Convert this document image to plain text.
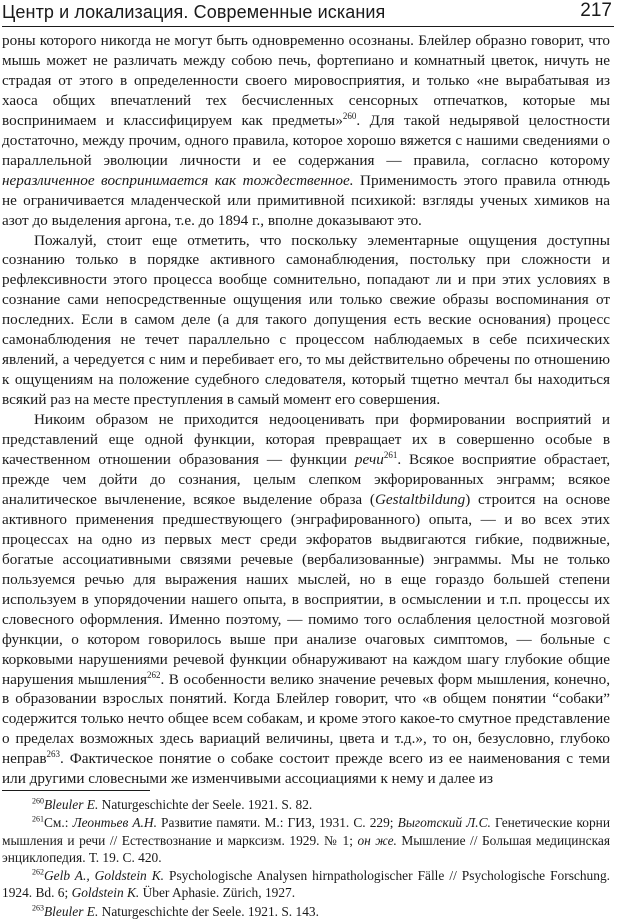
Центр и локализация. Современные искания	217

роны которого никогда не могут быть одновременно осознаны. Блейлер образно говорит, что мышь может не различать между собою печь, фортепиано и комнатный цветок, ничуть не страдая от этого в определенности своего мировосприятия, и только «не вырабатывая из хаоса общих впечатлений тех бесчисленных сенсорных отпечатков, которые мы воспринимаем и классифицируем как предметы»$^{260}$. Для такой недырявой целостности достаточно, между прочим, одного правила, которое хорошо вяжется с нашими сведениями о параллельной эволюции личности и ее содержания — правила, согласно которому неразличенное воспринимается как тождественное. Применимость этого правила отнюдь не ограничивается младенческой или примитивной психикой: взгляды ученых химиков на азот до выделения аргона, т.е. до 1894 г., вполне доказывают это.

Пожалуй, стоит еще отметить, что поскольку элементарные ощущения доступны сознанию только в порядке активного самонаблюдения, постольку при сложности и рефлексивности этого процесса вообще сомнительно, попадают ли и при этих условиях в сознание сами непосредственные ощущения или только свежие образы воспоминания от последних. Если в самом деле (а для такого допущения есть веские основания) процесс самонаблюдения не течет параллельно с процессом наблюдаемых в себе психических явлений, а чередуется с ним и перебивает его, то мы действительно обречены по отношению к ощущениям на положение судебного следователя, который тщетно мечтал бы находиться всякий раз на месте преступления в самый момент его совершения.

Никоим образом не приходится недооценивать при формировании восприятий и представлений еще одной функции, которая превращает их в совершенно особые в качественном отношении образования — функции речи$^{261}$. Всякое восприятие обрастает, прежде чем дойти до сознания, целым слепком экфорированных энграмм; всякое аналитическое вычленение, всякое выделение образа (Gestaltbildung) строится на основе активного применения предшествующего (энграфированного) опыта, — и во всех этих процессах на одно из первых мест среди экфоратов выдвигаются гибкие, подвижные, богатые ассоциативными связями речевые (вербализованные) энграммы. Мы не только пользуемся речью для выражения наших мыслей, но в еще гораздо большей степени используем в упорядочении нашего опыта, в восприятии, в осмыслении и т.п. процессы их словесного оформления. Именно поэтому, — помимо того ослабления целостной мозговой функции, о котором говорилось выше при анализе очаговых симптомов, — больные с корковыми нарушениями речевой функции обнаруживают на каждом шагу глубокие общие нарушения мышления$^{262}$. В особенности велико значение речевых форм мышления, конечно, в образовании взрослых понятий. Когда Блейлер говорит, что «в общем понятии “собаки” содержится только нечто общее всем собакам, и кроме этого какое-то смутное представление о пределах возможных здесь вариаций величины, цвета и т.д.», то он, безусловно, глубоко неправ$^{263}$. Фактическое понятие о собаке состоит прежде всего из ее наименования с теми или другими словесными же изменчивыми ассоциациями к нему и далее из

$^{260}$Bleuler E. Naturgeschichte der Seele. 1921. S. 82.

$^{261}$См.: Леонтьев А.Н. Развитие памяти. М.: ГИЗ, 1931. С. 229; Выготский Л.С. Генетические корни мышления и речи // Естествознание и марксизм. 1929. № 1; он же. Мышление // Большая медицинская энциклопедия. Т. 19. С. 420.

$^{262}$Gelb A., Goldstein K. Psychologische Analysen hirnpathologischer Fälle // Psychologische Forschung. 1924. Bd. 6; Goldstein K. Über Aphasie. Zürich, 1927.

$^{263}$Bleuler E. Naturgeschichte der Seele. 1921. S. 143.
